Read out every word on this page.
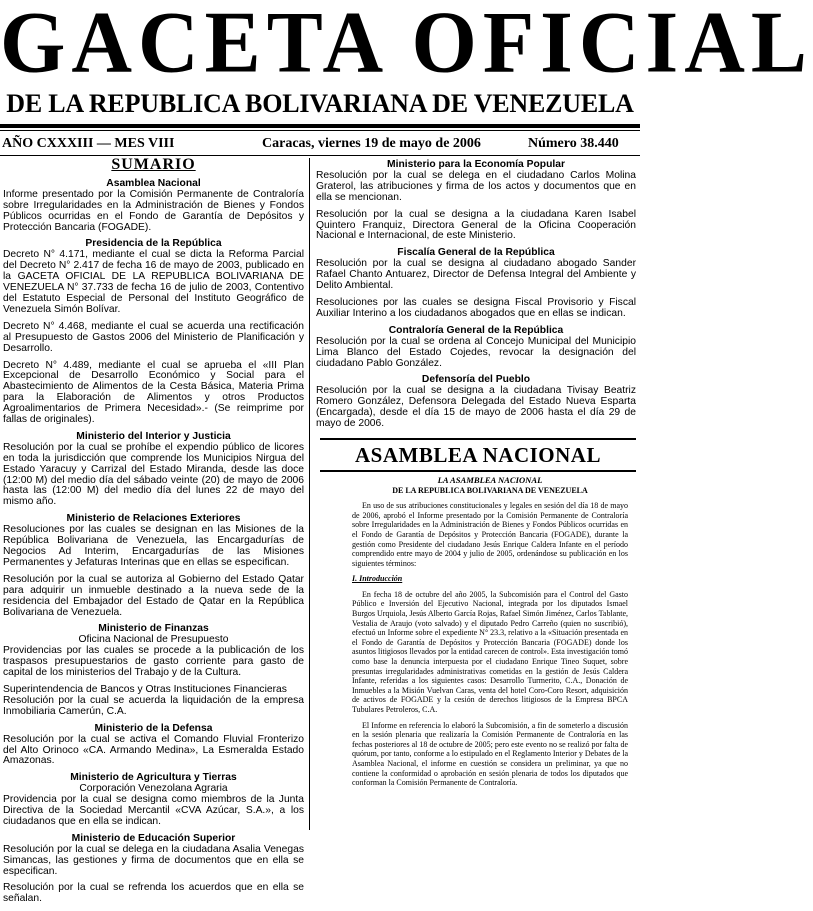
GACETA OFICIAL
DE LA REPUBLICA BOLIVARIANA DE VENEZUELA
AÑO CXXXIII — MES VIII	Caracas, viernes 19 de mayo de 2006	Número 38.440
SUMARIO
Asamblea Nacional

Informe presentado por la Comisión Permanente de Contraloría sobre Irregularidades en la Administración de Bienes y Fondos Públicos ocurridas en el Fondo de Garantía de Depósitos y Protección Bancaria (FOGADE).

Presidencia de la República

Decreto N° 4.171, mediante el cual se dicta la Reforma Parcial del Decreto N° 2.417 de fecha 16 de mayo de 2003, publicado en la GACETA OFICIAL DE LA REPUBLICA BOLIVARIANA DE VENEZUELA N° 37.733 de fecha 16 de julio de 2003, Contentivo del Estatuto Especial de Personal del Instituto Geográfico de Venezuela Simón Bolívar.

Decreto N° 4.468, mediante el cual se acuerda una rectificación al Presupuesto de Gastos 2006 del Ministerio de Planificación y Desarrollo.

Decreto N° 4.489, mediante el cual se aprueba el «III Plan Excepcional de Desarrollo Económico y Social para el Abastecimiento de Alimentos de la Cesta Básica, Materia Prima para la Elaboración de Alimentos y otros Productos Agroalimentarios de Primera Necesidad».- (Se reimprime por fallas de originales).

Ministerio del Interior y Justicia

Resolución por la cual se prohíbe el expendio público de licores en toda la jurisdicción que comprende los Municipios Nirgua del Estado Yaracuy y Carrizal del Estado Miranda, desde las doce (12:00 M) del medio día del sábado veinte (20) de mayo de 2006 hasta las (12:00 M) del medio día del lunes 22 de mayo del mismo año.

Ministerio de Relaciones Exteriores

Resoluciones por las cuales se designan en las Misiones de la República Bolivariana de Venezuela, las Encargadurías de Negocios Ad Interim, Encargadurías de las Misiones Permanentes y Jefaturas Interinas que en ellas se especifican.

Resolución por la cual se autoriza al Gobierno del Estado Qatar para adquirir un inmueble destinado a la nueva sede de la residencia del Embajador del Estado de Qatar en la República Bolivariana de Venezuela.

Ministerio de Finanzas
Oficina Nacional de Presupuesto

Providencias por las cuales se procede a la publicación de los traspasos presupuestarios de gasto corriente para gasto de capital de los ministerios del Trabajo y de la Cultura.

Superintendencia de Bancos y Otras Instituciones Financieras
Resolución por la cual se acuerda la liquidación de la empresa Inmobiliaria Camerún, C.A.

Ministerio de la Defensa

Resolución por la cual se activa el Comando Fluvial Fronterizo del Alto Orinoco «CA. Armando Medina», La Esmeralda Estado Amazonas.

Ministerio de Agricultura y Tierras
Corporación Venezolana Agraria

Providencia por la cual se designa como miembros de la Junta Directiva de la Sociedad Mercantil «CVA Azúcar, S.A.», a los ciudadanos que en ella se indican.

Ministerio de Educación Superior

Resolución por la cual se delega en la ciudadana Asalia Venegas Simancas, las gestiones y firma de documentos que en ella se especifican.

Resolución por la cual se refrenda los acuerdos que en ella se señalan.

Ministerio para la Economía Popular

Resolución por la cual se delega en el ciudadano Carlos Molina Graterol, las atribuciones y firma de los actos y documentos que en ella se mencionan.

Resolución por la cual se designa a la ciudadana Karen Isabel Quintero Franquiz, Directora General de la Oficina Cooperación Nacional e Internacional, de este Ministerio.

Fiscalía General de la República

Resolución por la cual se designa al ciudadano abogado Sander Rafael Chanto Antuarez, Director de Defensa Integral del Ambiente y Delito Ambiental.

Resoluciones por las cuales se designa Fiscal Provisorio y Fiscal Auxiliar Interino a los ciudadanos abogados que en ellas se indican.

Contraloría General de la República

Resolución por la cual se ordena al Concejo Municipal del Municipio Lima Blanco del Estado Cojedes, revocar la designación del ciudadano Pablo González.

Defensoría del Pueblo

Resolución por la cual se designa a la ciudadana Tivisay Beatriz Romero González, Defensora Delegada del Estado Nueva Esparta (Encargada), desde el día 15 de mayo de 2006 hasta el día 29 de mayo de 2006.

ASAMBLEA NACIONAL
LA ASAMBLEA NACIONAL
DE LA REPUBLICA BOLIVARIANA DE VENEZUELA

En uso de sus atribuciones constitucionales y legales en sesión del día 18 de mayo de 2006, aprobó el Informe presentado por la Comisión Permanente de Contraloría sobre Irregularidades en la Administración de Bienes y Fondos Públicos ocurridas en el Fondo de Garantía de Depósitos y Protección Bancaria (FOGADE), durante la gestión como Presidente del ciudadano Jesús Enrique Caldera Infante en el período comprendido entre mayo de 2004 y julio de 2005, ordenándose su publicación en los siguientes términos:

I. Introducción

En fecha 18 de octubre del año 2005, la Subcomisión para el Control del Gasto Público e Inversión del Ejecutivo Nacional, integrada por los diputados Ismael Burgos Urquiola, Jesús Alberto García Rojas, Rafael Simón Jiménez, Carlos Tablante, Vestalia de Araujo (voto salvado) y el diputado Pedro Carreño (quien no suscribió), efectuó un Informe sobre el expediente N° 23.3, relativo a la «Situación presentada en el Fondo de Garantía de Depósitos y Protección Bancaria (FOGADE) donde los asuntos litigiosos llevados por la entidad carecen de control». Esta investigación tomó como base la denuncia interpuesta por el ciudadano Enrique Tineo Suquet, sobre presuntas irregularidades administrativas cometidas en la gestión de Jesús Caldera Infante, referidas a los siguientes casos: Desarrollo Turmerito, C.A., Donación de Inmuebles a la Misión Vuelvan Caras, venta del hotel Coro-Coro Resort, adquisición de activos de FOGADE y la cesión de derechos litigiosos de la Empresa BPCA Tubulares Petroleros, C.A.

El Informe en referencia lo elaboró la Subcomisión, a fin de someterlo a discusión en la sesión plenaria que realizaría la Comisión Permanente de Contraloría en las fechas posteriores al 18 de octubre de 2005; pero este evento no se realizó por falta de quórum, por tanto, conforme a lo estipulado en el Reglamento Interior y Debates de la Asamblea Nacional, el informe en cuestión se considera un preliminar, ya que no contiene la conformidad o aprobación en sesión plenaria de todos los diputados que conforman la Comisión Permanente de Contraloría.
